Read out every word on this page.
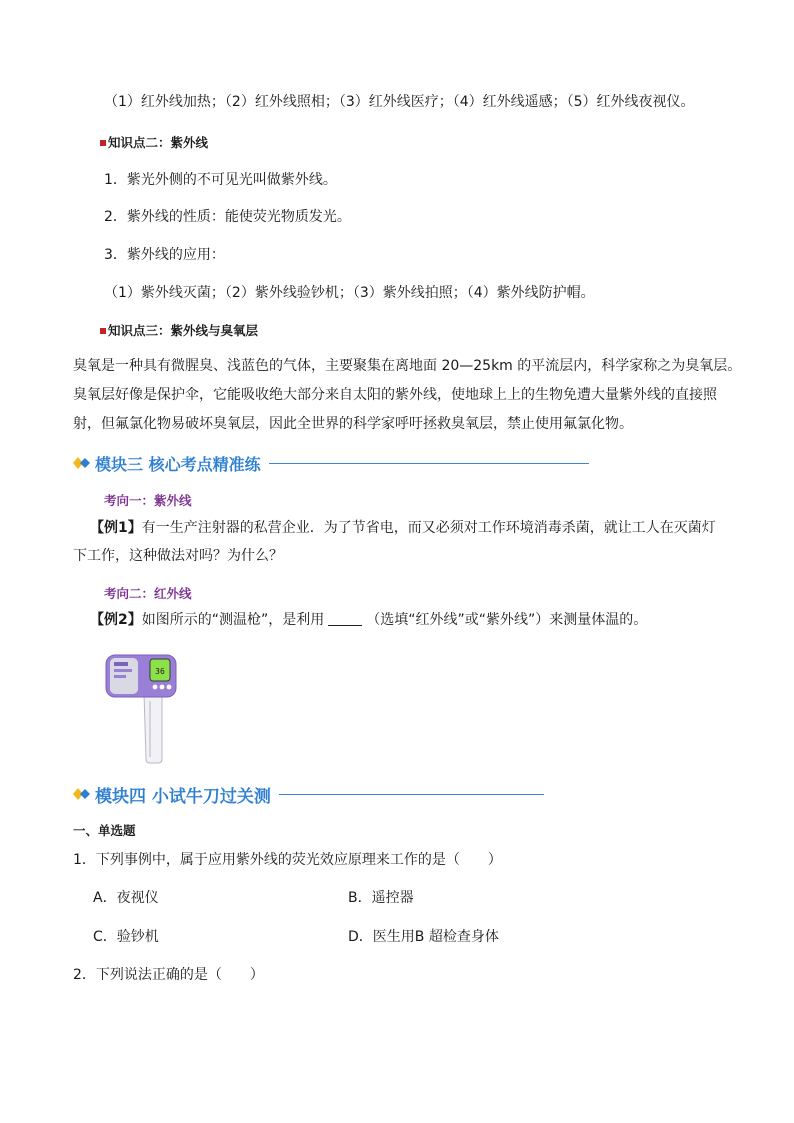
（1）红外线加热；（2）红外线照相；（3）红外线医疗；（4）红外线遥感；（5）红外线夜视仪。
知识点二：紫外线
1．紫光外侧的不可见光叫做紫外线。
2．紫外线的性质：能使荧光物质发光。
3．紫外线的应用：
（1）紫外线灭菌；（2）紫外线验钞机；（3）紫外线拍照；（4）紫外线防护帽。
知识点三：紫外线与臭氧层
臭氧是一种具有微腥臭、浅蓝色的气体，主要聚集在离地面 20—25km 的平流层内，科学家称之为臭氧层。
臭氧层好像是保护伞，它能吸收绝大部分来自太阳的紫外线，使地球上上的生物免遭大量紫外线的直接照
射，但氟氯化物易破坏臭氧层，因此全世界的科学家呼吁拯救臭氧层，禁止使用氟氯化物。
模块三 核心考点精准练
考向一：紫外线
【例1】有一生产注射器的私营企业．为了节省电，而又必须对工作环境消毒杀菌，就让工人在灭菌灯
下工作，这种做法对吗？为什么？
考向二：红外线
【例2】如图所示的“测温枪”，是利用	（选填“红外线”或“紫外线”）来测量体温的。
36
模块四 小试牛刀过关测
一、单选题
1．下列事例中，属于应用紫外线的荧光效应原理来工作的是（　　）
A．夜视仪	B．遥控器
C．验钞机	D．医生用B 超检查身体
2．下列说法正确的是（　　）
